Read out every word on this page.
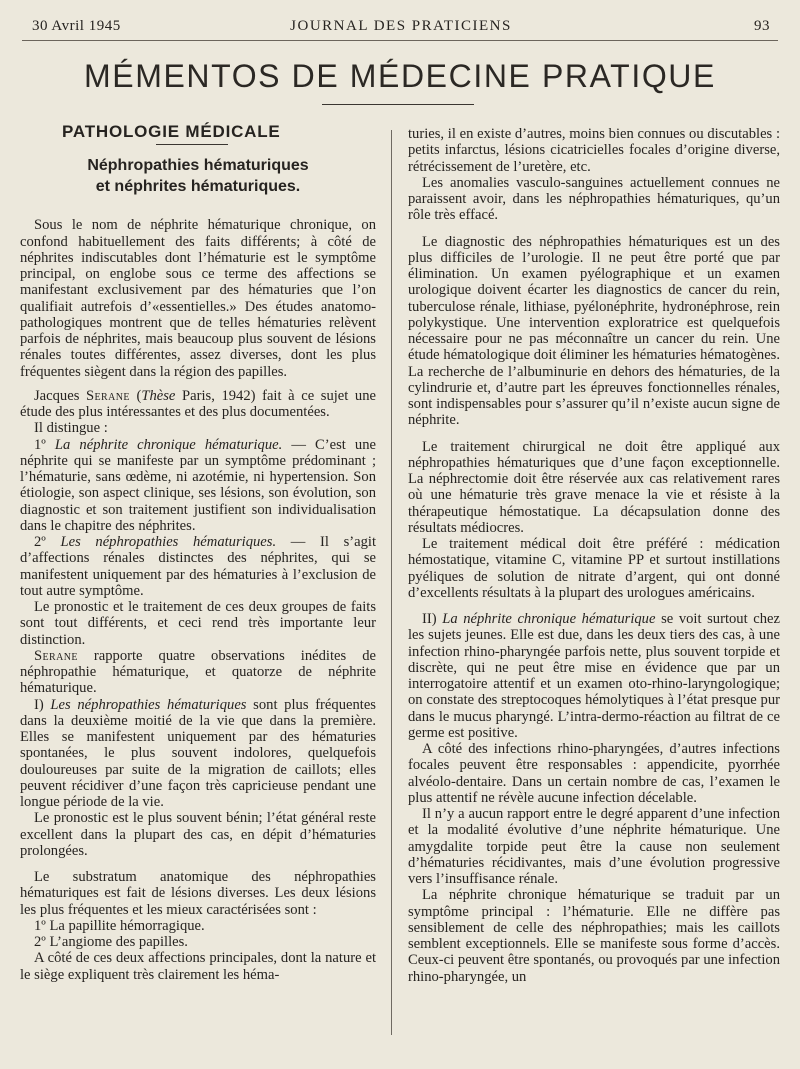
30 Avril 1945	JOURNAL DES PRATICIENS	93
MÉMENTOS DE MÉDECINE PRATIQUE
PATHOLOGIE MÉDICALE
Néphropathies hématuriques
et néphrites hématuriques.

Sous le nom de néphrite hématurique chronique, on confond habituellement des faits différents; à côté de néphrites indiscutables dont l’hématurie est le symptôme principal, on englobe sous ce terme des affections se manifestant exclusivement par des hématuries que l’on qualifiait autrefois d’«essentielles.» Des études anatomo-pathologiques montrent que de telles hématuries relèvent parfois de néphrites, mais beaucoup plus souvent de lésions rénales toutes différentes, assez diverses, dont les plus fréquentes siègent dans la région des papilles.

Jacques Serane (Thèse Paris, 1942) fait à ce sujet une étude des plus intéressantes et des plus documentées.

Il distingue :

1º La néphrite chronique hématurique. — C’est une néphrite qui se manifeste par un symptôme prédominant ; l’hématurie, sans œdème, ni azotémie, ni hypertension. Son étiologie, son aspect clinique, ses lésions, son évolution, son diagnostic et son traitement justifient son individualisation dans le chapitre des néphrites.

2º Les néphropathies hématuriques. — Il s’agit d’affections rénales distinctes des néphrites, qui se manifestent uniquement par des hématuries à l’exclusion de tout autre symptôme.

Le pronostic et le traitement de ces deux groupes de faits sont tout différents, et ceci rend très importante leur distinction.

Serane rapporte quatre observations inédites de néphropathie hématurique, et quatorze de néphrite hématurique.

I) Les néphropathies hématuriques sont plus fréquentes dans la deuxième moitié de la vie que dans la première. Elles se manifestent uniquement par des hématuries spontanées, le plus souvent indolores, quelquefois douloureuses par suite de la migration de caillots; elles peuvent récidiver d’une façon très capricieuse pendant une longue période de la vie.

Le pronostic est le plus souvent bénin; l’état général reste excellent dans la plupart des cas, en dépit d’hématuries prolongées.

Le substratum anatomique des néphropathies hématuriques est fait de lésions diverses. Les deux lésions les plus fréquentes et les mieux caractérisées sont :

1º La papillite hémorragique.

2º L’angiome des papilles.

A côté de ces deux affections principales, dont la nature et le siège expliquent très clairement les héma-

turies, il en existe d’autres, moins bien connues ou discutables : petits infarctus, lésions cicatricielles focales d’origine diverse, rétrécissement de l’uretère, etc.

Les anomalies vasculo-sanguines actuellement connues ne paraissent avoir, dans les néphropathies hématuriques, qu’un rôle très effacé.

Le diagnostic des néphropathies hématuriques est un des plus difficiles de l’urologie. Il ne peut être porté que par élimination. Un examen pyélographique et un examen urologique doivent écarter les diagnostics de cancer du rein, tuberculose rénale, lithiase, pyélonéphrite, hydronéphrose, rein polykystique. Une intervention exploratrice est quelquefois nécessaire pour ne pas méconnaître un cancer du rein. Une étude hématologique doit éliminer les hématuries hématogènes. La recherche de l’albuminurie en dehors des hématuries, de la cylindrurie et, d’autre part les épreuves fonctionnelles rénales, sont indispensables pour s’assurer qu’il n’existe aucun signe de néphrite.

Le traitement chirurgical ne doit être appliqué aux néphropathies hématuriques que d’une façon exceptionnelle. La néphrectomie doit être réservée aux cas relativement rares où une hématurie très grave menace la vie et résiste à la thérapeutique hémostatique. La décapsulation donne des résultats médiocres.

Le traitement médical doit être préféré : médication hémostatique, vitamine C, vitamine PP et surtout instillations pyéliques de solution de nitrate d’argent, qui ont donné d’excellents résultats à la plupart des urologues américains.

II) La néphrite chronique hématurique se voit surtout chez les sujets jeunes. Elle est due, dans les deux tiers des cas, à une infection rhino-pharyngée parfois nette, plus souvent torpide et discrète, qui ne peut être mise en évidence que par un interrogatoire attentif et un examen oto-rhino-laryngologique; on constate des streptocoques hémolytiques à l’état presque pur dans le mucus pharyngé. L’intra-dermo-réaction au filtrat de ce germe est positive.

A côté des infections rhino-pharyngées, d’autres infections focales peuvent être responsables : appendicite, pyorrhée alvéolo-dentaire. Dans un certain nombre de cas, l’examen le plus attentif ne révèle aucune infection décelable.

Il n’y a aucun rapport entre le degré apparent d’une infection et la modalité évolutive d’une néphrite hématurique. Une amygdalite torpide peut être la cause non seulement d’hématuries récidivantes, mais d’une évolution progressive vers l’insuffisance rénale.

La néphrite chronique hématurique se traduit par un symptôme principal : l’hématurie. Elle ne diffère pas sensiblement de celle des néphropathies; mais les caillots semblent exceptionnels. Elle se manifeste sous forme d’accès. Ceux-ci peuvent être spontanés, ou provoqués par une infection rhino-pharyngée, un
